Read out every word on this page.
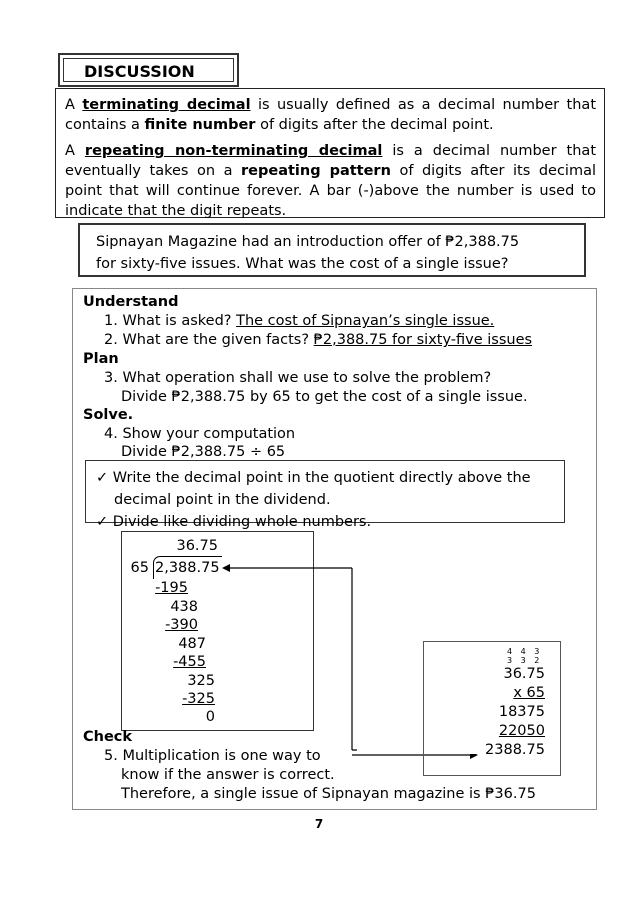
DISCUSSION

A terminating decimal is usually defined as a decimal number that contains a finite number of digits after the decimal point.

A repeating non-terminating decimal is a decimal number that eventually takes on a repeating pattern of digits after its decimal point that will continue forever. A bar (-)above the number is used to indicate that the digit repeats.

Sipnayan Magazine had an introduction offer of ₱2,388.75
for sixty-five issues. What was the cost of a single issue?
Understand
1. What is asked? The cost of Sipnayan’s single issue.
2. What are the given facts? ₱2,388.75 for sixty-five issues
Plan
3. What operation shall we use to solve the problem?
Divide ₱2,388.75 by 65 to get the cost of a single issue.
Solve.
4. Show your computation
Divide ₱2,388.75 ÷ 65
✓ Write the decimal point in the quotient directly above the
decimal point in the dividend.
✓ Divide like dividing whole numbers.
36.75
65 2,388.75
-195
438
-390
487
-455
325
-325
0
4 4 3
3 3 2
36.75
x 65
18375
22050
2388.75
Check
5. Multiplication is one way to
know if the answer is correct.
Therefore, a single issue of Sipnayan magazine is ₱36.75
7
